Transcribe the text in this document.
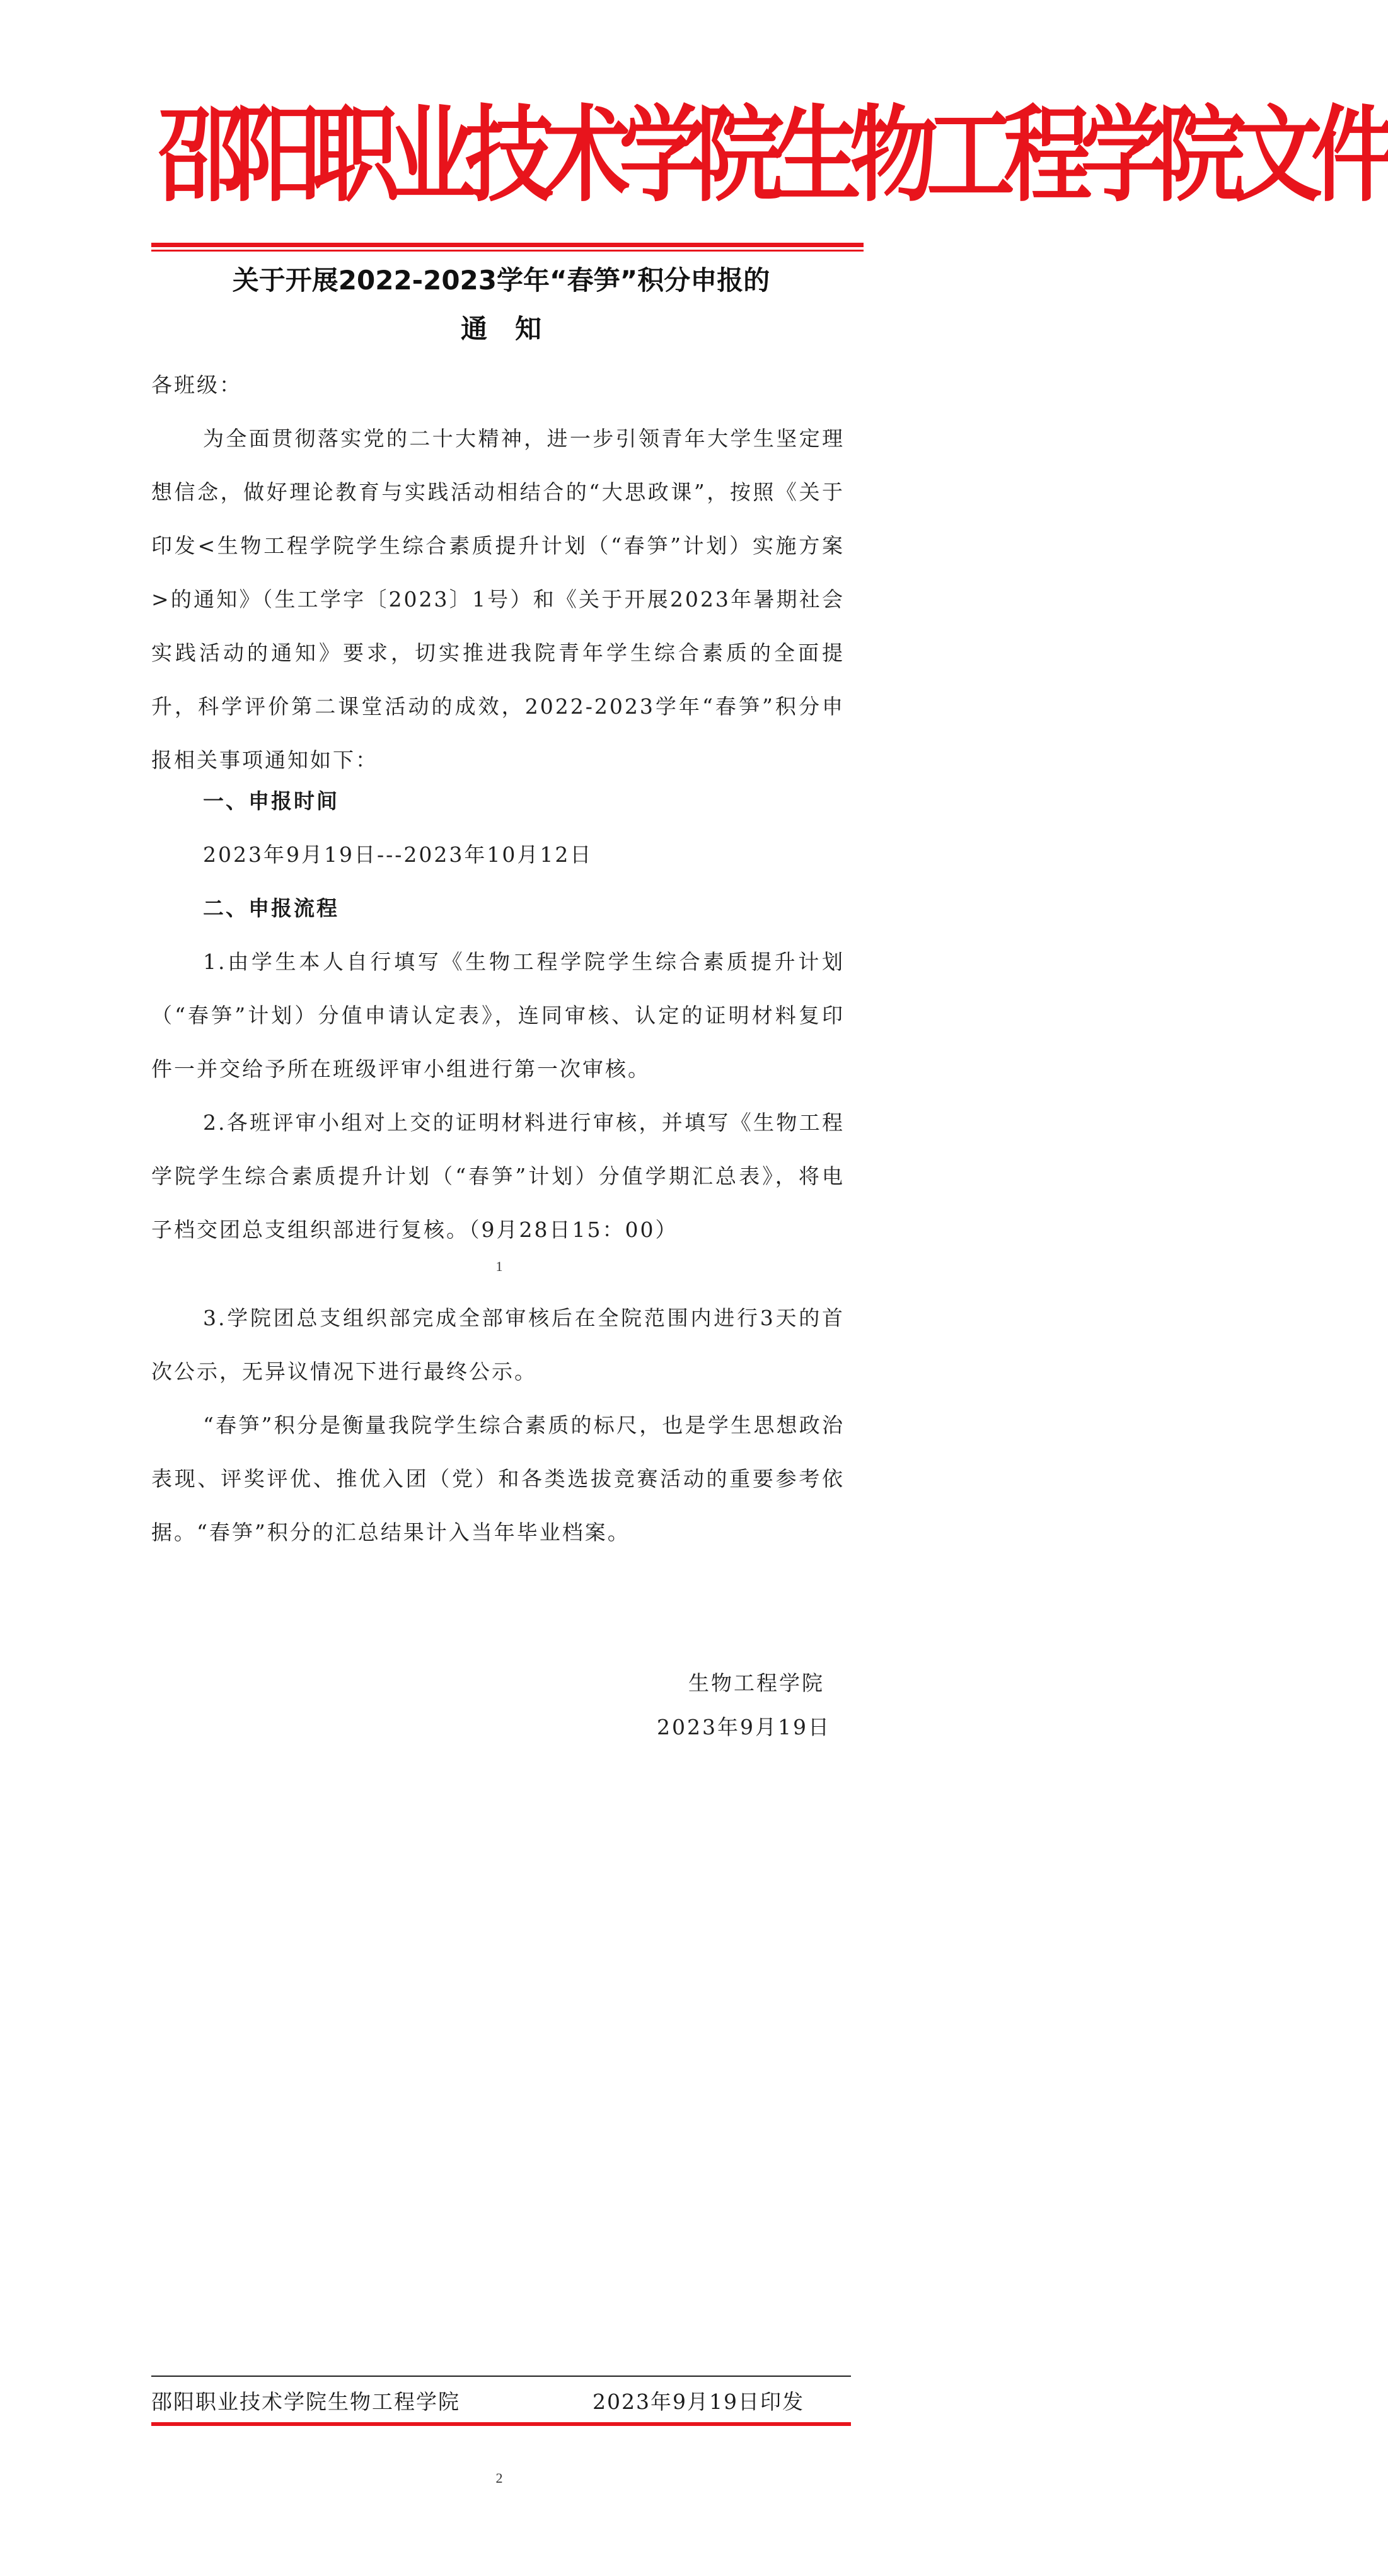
邵阳职业技术学院生物工程学院文件
关于开展2022-2023学年“春笋”积分申报的
通知
各班级：
为全面贯彻落实党的二十大精神，进一步引领青年大学生坚定理想信念，做好理论教育与实践活动相结合的“大思政课”，按照《关于印发<生物工程学院学生综合素质提升计划（“春笋”计划）实施方案>的通知》（生工学字〔2023〕1号）和《关于开展2023年暑期社会实践活动的通知》要求，切实推进我院青年学生综合素质的全面提升，科学评价第二课堂活动的成效，2022-2023学年“春笋”积分申报相关事项通知如下：
一、申报时间
2023年9月19日---2023年10月12日
二、申报流程
1.由学生本人自行填写《生物工程学院学生综合素质提升计划（“春笋”计划）分值申请认定表》，连同审核、认定的证明材料复印件一并交给予所在班级评审小组进行第一次审核。
2.各班评审小组对上交的证明材料进行审核，并填写《生物工程学院学生综合素质提升计划（“春笋”计划）分值学期汇总表》，将电子档交团总支组织部进行复核。（9月28日15：00）
1
3.学院团总支组织部完成全部审核后在全院范围内进行3天的首次公示，无异议情况下进行最终公示。
“春笋”积分是衡量我院学生综合素质的标尺，也是学生思想政治表现、评奖评优、推优入团（党）和各类选拔竞赛活动的重要参考依据。“春笋”积分的汇总结果计入当年毕业档案。
生物工程学院
2023年9月19日
邵阳职业技术学院生物工程学院	2023年9月19日印发
2
